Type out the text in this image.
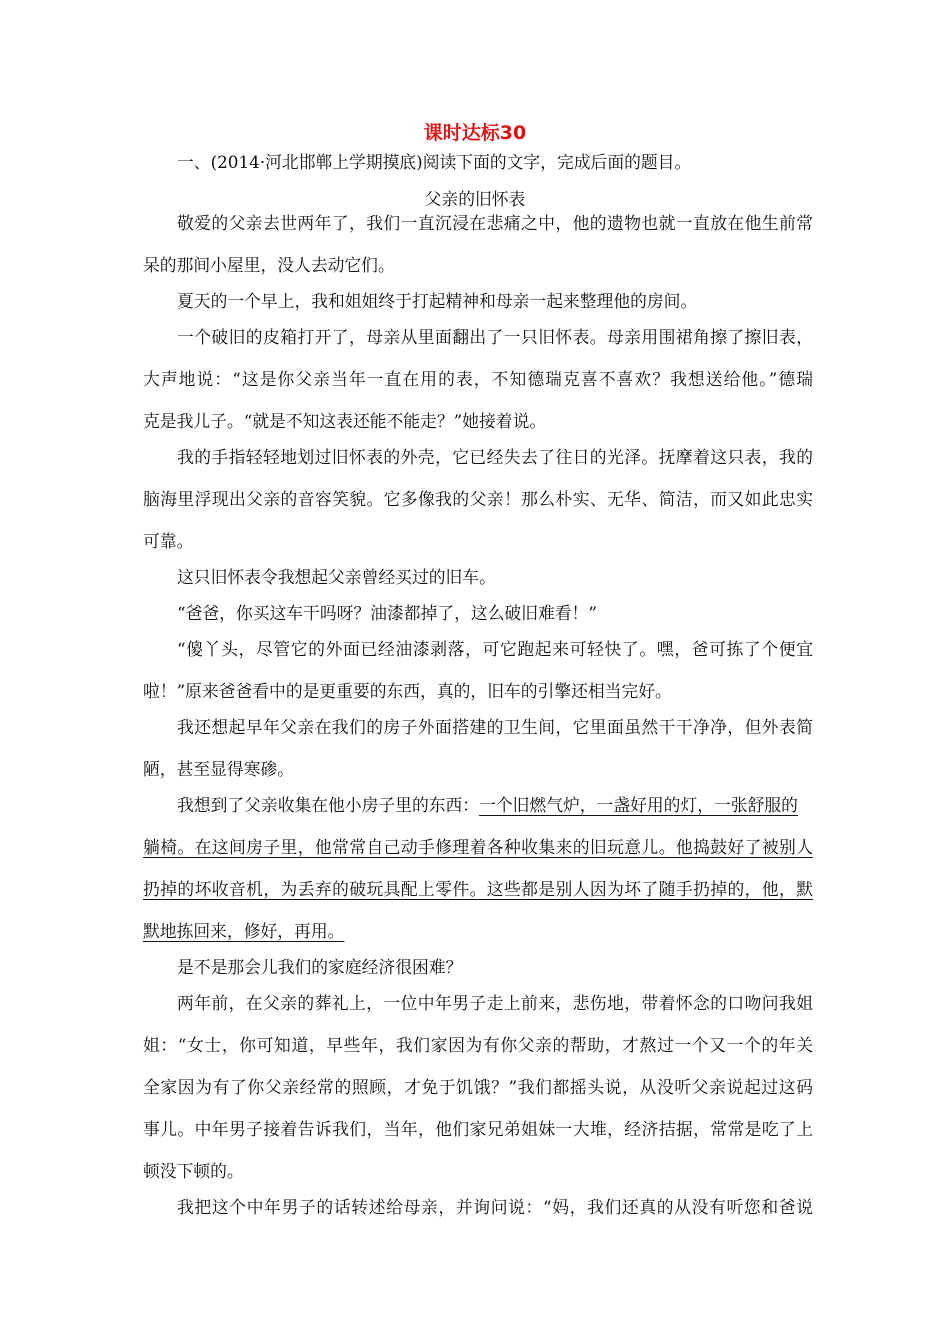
课时达标30
一、(2014·河北邯郸上学期摸底)阅读下面的文字，完成后面的题目。
父亲的旧怀表
敬爱的父亲去世两年了，我们一直沉浸在悲痛之中，他的遗物也就一直放在他生前常
呆的那间小屋里，没人去动它们。
夏天的一个早上，我和姐姐终于打起精神和母亲一起来整理他的房间。
一个破旧的皮箱打开了，母亲从里面翻出了一只旧怀表。母亲用围裙角擦了擦旧表，
大声地说：“这是你父亲当年一直在用的表，不知德瑞克喜不喜欢？我想送给他。”德瑞
克是我儿子。“就是不知这表还能不能走？”她接着说。
我的手指轻轻地划过旧怀表的外壳，它已经失去了往日的光泽。抚摩着这只表，我的
脑海里浮现出父亲的音容笑貌。它多像我的父亲！那么朴实、无华、简洁，而又如此忠实
可靠。
这只旧怀表令我想起父亲曾经买过的旧车。
“爸爸，你买这车干吗呀？油漆都掉了，这么破旧难看！”
“傻丫头，尽管它的外面已经油漆剥落，可它跑起来可轻快了。嘿，爸可拣了个便宜
啦！”原来爸爸看中的是更重要的东西，真的，旧车的引擎还相当完好。
我还想起早年父亲在我们的房子外面搭建的卫生间，它里面虽然干干净净，但外表简
陋，甚至显得寒碜。
我想到了父亲收集在他小房子里的东西：一个旧燃气炉，一盏好用的灯，一张舒服的
躺椅。在这间房子里，他常常自己动手修理着各种收集来的旧玩意儿。他捣鼓好了被别人
扔掉的坏收音机，为丢弃的破玩具配上零件。这些都是别人因为坏了随手扔掉的，他，默
默地拣回来，修好，再用。
是不是那会儿我们的家庭经济很困难？
两年前，在父亲的葬礼上，一位中年男子走上前来，悲伤地，带着怀念的口吻问我姐
姐：“女士，你可知道，早些年，我们家因为有你父亲的帮助，才熬过一个又一个的年关
全家因为有了你父亲经常的照顾，才免于饥饿？”我们都摇头说，从没听父亲说起过这码
事儿。中年男子接着告诉我们，当年，他们家兄弟姐妹一大堆，经济拮据，常常是吃了上
顿没下顿的。
我把这个中年男子的话转述给母亲，并询问说：“妈，我们还真的从没有听您和爸说
